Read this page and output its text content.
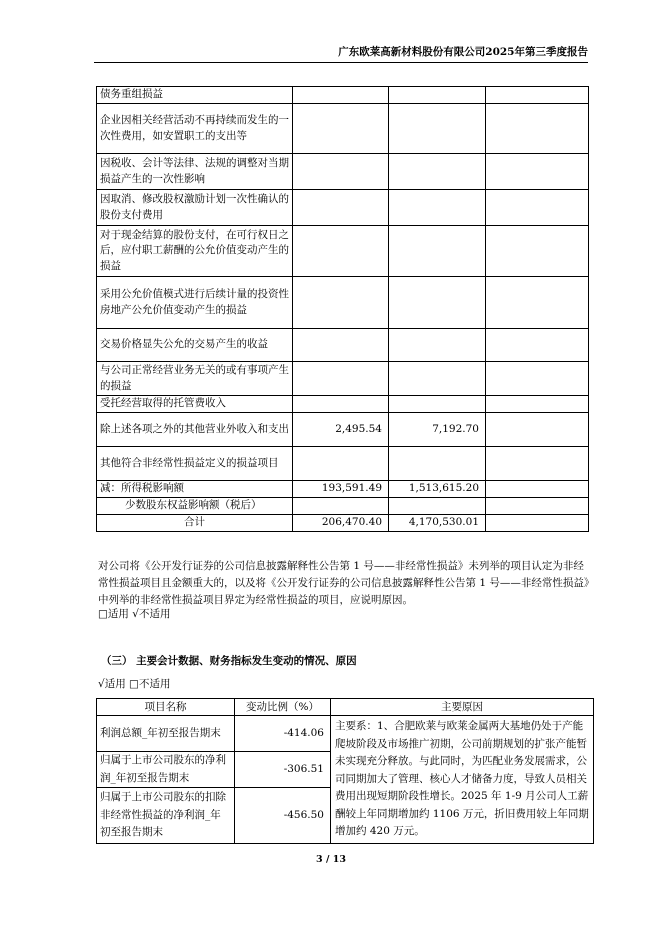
广东欧莱高新材料股份有限公司2025年第三季度报告
债务重组损益			
企业因相关经营活动不再持续而发生的一次性费用，如安置职工的支出等			
因税收、会计等法律、法规的调整对当期损益产生的一次性影响			
因取消、修改股权激励计划一次性确认的股份支付费用			
对于现金结算的股份支付，在可行权日之后，应付职工薪酬的公允价值变动产生的损益			
采用公允价值模式进行后续计量的投资性房地产公允价值变动产生的损益			
交易价格显失公允的交易产生的收益			
与公司正常经营业务无关的或有事项产生的损益			
受托经营取得的托管费收入			
除上述各项之外的其他营业外收入和支出	2,495.54	7,192.70	
其他符合非经常性损益定义的损益项目			
减：所得税影响额	193,591.49	1,513,615.20	
少数股东权益影响额（税后）			
合计	206,470.40	4,170,530.01	
对公司将《公开发行证券的公司信息披露解释性公告第 1 号——非经常性损益》未列举的项目认定为非经常性损益项目且金额重大的，以及将《公开发行证券的公司信息披露解释性公告第 1 号——非经常性损益》中列举的非经常性损益项目界定为经常性损益的项目，应说明原因。
□适用 √不适用
（三） 主要会计数据、财务指标发生变动的情况、原因
√适用 □不适用
项目名称	变动比例（%）	主要原因
利润总额_年初至报告期末	-414.06	主要系：1、合肥欧莱与欧莱金属两大基地仍处于产能爬坡阶段及市场推广初期，公司前期规划的扩张产能暂未实现充分释放。与此同时，为匹配业务发展需求，公司同期加大了管理、核心人才储备力度，导致人员相关费用出现短期阶段性增长。2025 年 1-9 月公司人工薪酬较上年同期增加约 1106 万元，折旧费用较上年同期增加约 420 万元。
归属于上市公司股东的净利润_年初至报告期末	-306.51	
归属于上市公司股东的扣除非经常性损益的净利润_年初至报告期末	-456.50	
3 / 13
